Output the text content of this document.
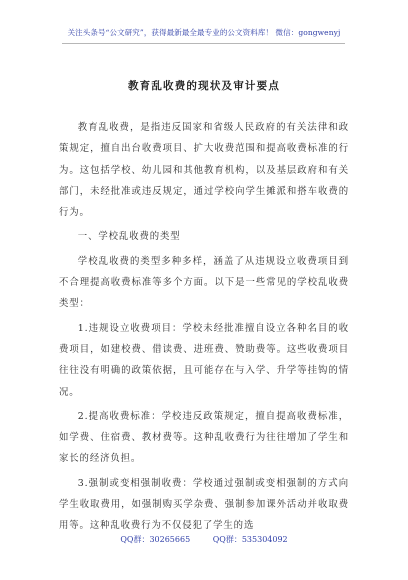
关注头条号“公文研究”，获得最新最全最专业的公文资料库！ 微信：gongwenyj
教育乱收费的现状及审计要点

教育乱收费，是指违反国家和省级人民政府的有关法律和政策规定，擅自出台收费项目、扩大收费范围和提高收费标准的行为。这包括学校、幼儿园和其他教育机构，以及基层政府和有关部门，未经批准或违反规定，通过学校向学生摊派和搭车收费的行为。

一、学校乱收费的类型

学校乱收费的类型多种多样，涵盖了从违规设立收费项目到不合理提高收费标准等多个方面。以下是一些常见的学校乱收费类型：

1.违规设立收费项目：学校未经批准擅自设立各种名目的收费项目，如建校费、借读费、进班费、赞助费等。这些收费项目往往没有明确的政策依据，且可能存在与入学、升学等挂钩的情况。

2.提高收费标准：学校违反政策规定，擅自提高收费标准，如学费、住宿费、教材费等。这种乱收费行为往往增加了学生和家长的经济负担。

3.强制或变相强制收费：学校通过强制或变相强制的方式向学生收取费用，如强制购买学杂费、强制参加课外活动并收取费用等。这种乱收费行为不仅侵犯了学生的选

QQ群：30265665	QQ群：535304092
